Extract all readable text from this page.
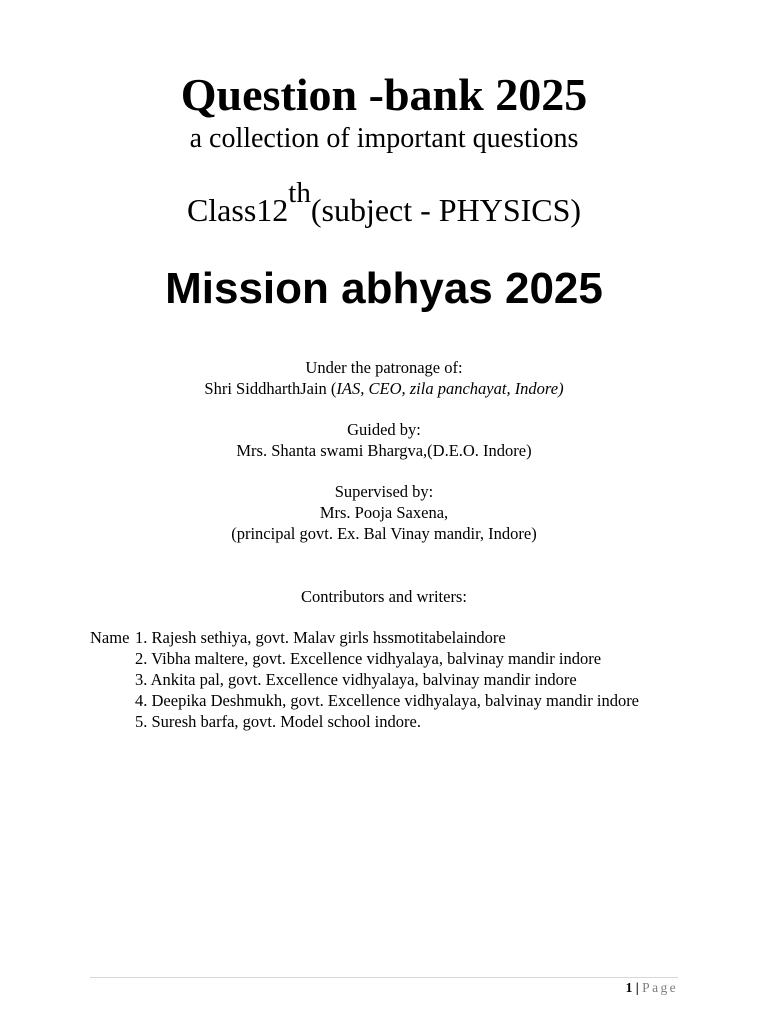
Question -bank 2025
a collection of important questions
Class12th(subject - PHYSICS)
Mission abhyas 2025
Under the patronage of:
Shri SiddharthJain (IAS, CEO, zila panchayat, Indore)
Guided by:
Mrs. Shanta swami Bhargva,(D.E.O. Indore)
Supervised by:
Mrs. Pooja Saxena,
(principal govt. Ex. Bal Vinay mandir, Indore)
Contributors and writers:
Name 1. Rajesh sethiya, govt. Malav girls hssmotitabelaindore
2. Vibha maltere, govt. Excellence vidhyalaya, balvinay mandir indore
3. Ankita pal, govt. Excellence vidhyalaya, balvinay mandir indore
4. Deepika Deshmukh, govt. Excellence vidhyalaya, balvinay mandir indore
5. Suresh barfa, govt. Model school indore.
1 | Page
